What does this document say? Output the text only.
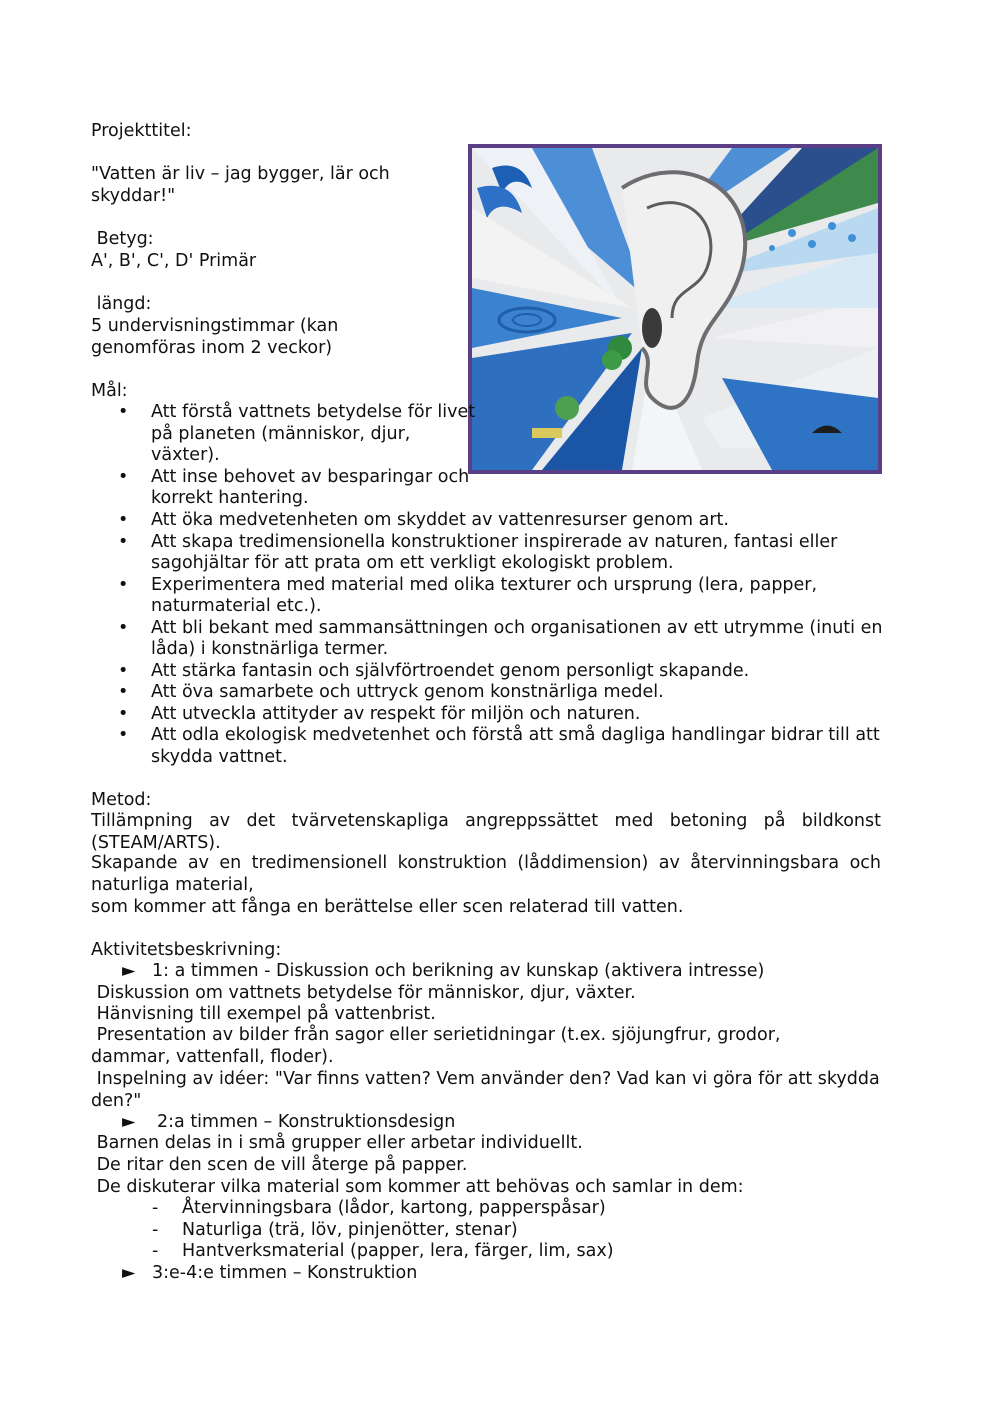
Projekttitel:
"Vatten är liv – jag bygger, lär och skyddar!"
Betyg:
A', B', C', D' Primär
längd:
5 undervisningstimmar (kan genomföras inom 2 veckor)
Mål:
• Att förstå vattnets betydelse för livet på planeten (människor, djur, växter).
• Att inse behovet av besparingar och korrekt hantering.
• Att öka medvetenheten om skyddet av vattenresurser genom art.
• Att skapa tredimensionella konstruktioner inspirerade av naturen, fantasi eller sagohjältar för att prata om ett verkligt ekologiskt problem.
• Experimentera med material med olika texturer och ursprung (lera, papper, naturmaterial etc.).
• Att bli bekant med sammansättningen och organisationen av ett utrymme (inuti en låda) i konstnärliga termer.
• Att stärka fantasin och självförtroendet genom personligt skapande.
• Att öva samarbete och uttryck genom konstnärliga medel.
• Att utveckla attityder av respekt för miljön och naturen.
• Att odla ekologisk medvetenhet och förstå att små dagliga handlingar bidrar till att skydda vattnet.
Metod:
Tillämpning av det tvärvetenskapliga angreppssättet med betoning på bildkonst (STEAM/ARTS).
Skapande av en tredimensionell konstruktion (låddimension) av återvinningsbara och naturliga material,
som kommer att fånga en berättelse eller scen relaterad till vatten.
Aktivitetsbeskrivning:
► 1: a timmen - Diskussion och berikning av kunskap (aktivera intresse)
Diskussion om vattnets betydelse för människor, djur, växter.
Hänvisning till exempel på vattenbrist.
Presentation av bilder från sagor eller serietidningar (t.ex. sjöjungfrur, grodor, dammar, vattenfall, floder).
Inspelning av idéer: "Var finns vatten? Vem använder den? Vad kan vi göra för att skydda den?"
► 2:a timmen – Konstruktionsdesign
Barnen delas in i små grupper eller arbetar individuellt.
De ritar den scen de vill återge på papper.
De diskuterar vilka material som kommer att behövas och samlar in dem:
- Återvinningsbara (lådor, kartong, papperspåsar)
- Naturliga (trä, löv, pinjenötter, stenar)
- Hantverksmaterial (papper, lera, färger, lim, sax)
► 3:e-4:e timmen – Konstruktion
